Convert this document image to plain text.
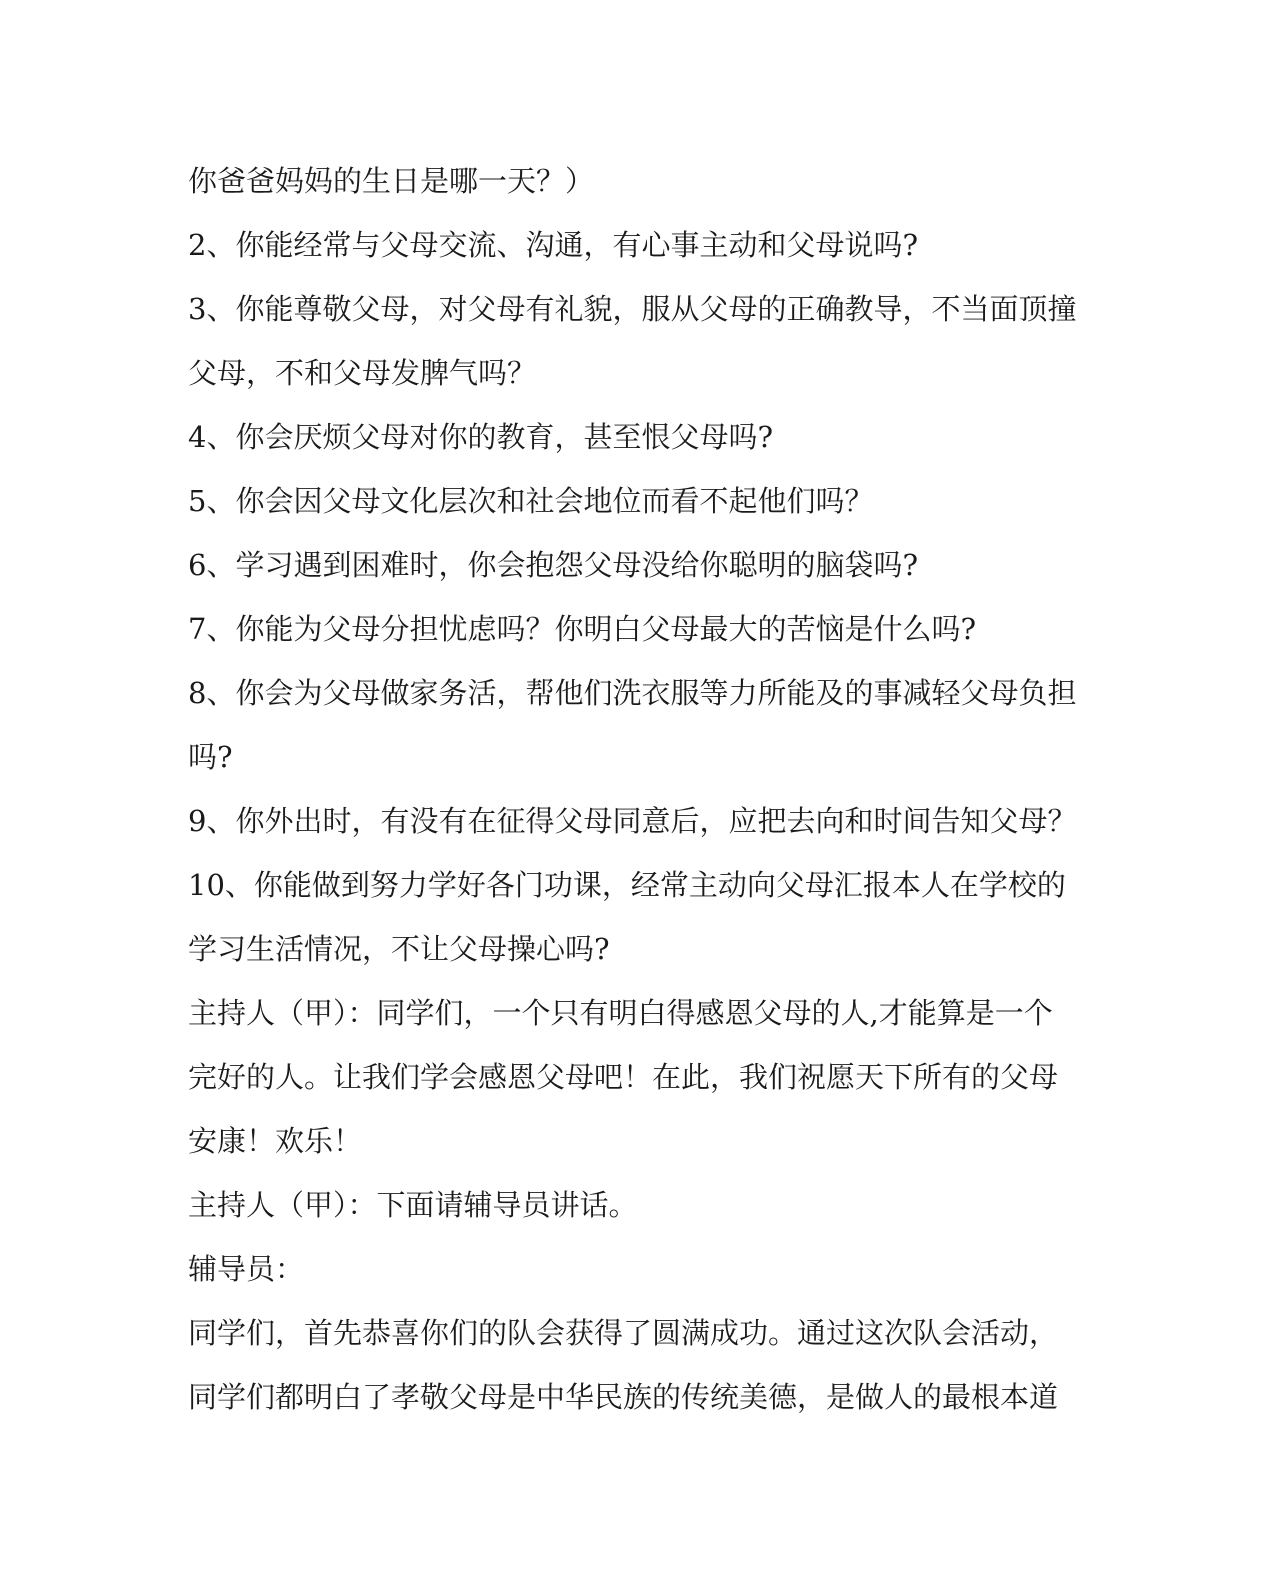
你爸爸妈妈的生日是哪一天？）
2、你能经常与父母交流、沟通，有心事主动和父母说吗?
3、你能尊敬父母，对父母有礼貌，服从父母的正确教导，不当面顶撞
父母，不和父母发脾气吗？
4、你会厌烦父母对你的教育，甚至恨父母吗?
5、你会因父母文化层次和社会地位而看不起他们吗？
6、学习遇到困难时，你会抱怨父母没给你聪明的脑袋吗?
7、你能为父母分担忧虑吗？你明白父母最大的苦恼是什么吗?
8、你会为父母做家务活，帮他们洗衣服等力所能及的事减轻父母负担
吗?
9、你外出时，有没有在征得父母同意后，应把去向和时间告知父母？
10、你能做到努力学好各门功课，经常主动向父母汇报本人在学校的
学习生活情况，不让父母操心吗?
主持人（甲）：同学们，一个只有明白得感恩父母的人,才能算是一个
完好的人。让我们学会感恩父母吧！在此，我们祝愿天下所有的父母
安康！欢乐！
主持人（甲）：下面请辅导员讲话。
辅导员：
同学们，首先恭喜你们的队会获得了圆满成功。通过这次队会活动，
同学们都明白了孝敬父母是中华民族的传统美德，是做人的最根本道
